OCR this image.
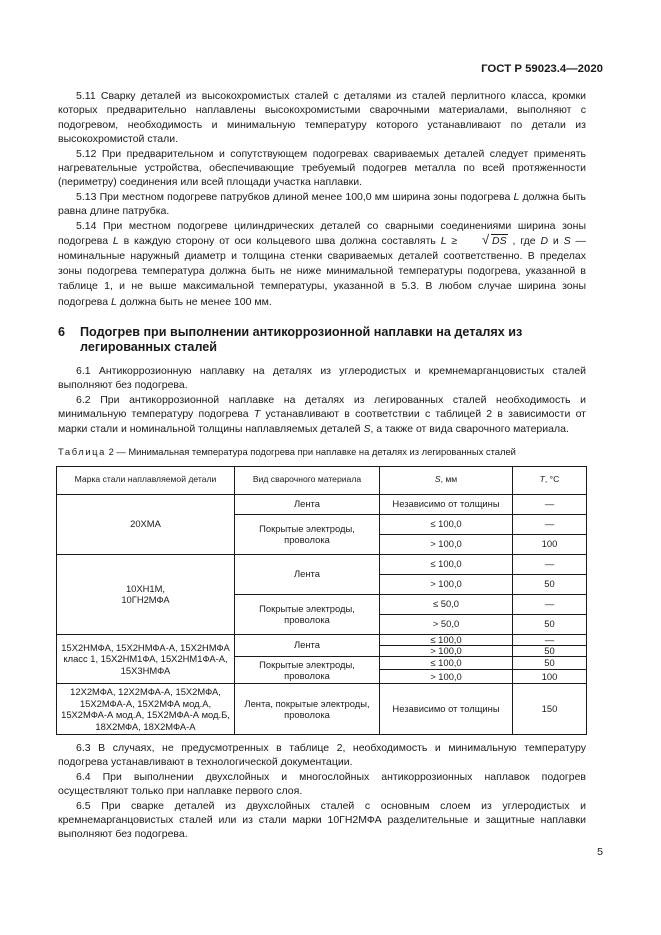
ГОСТ Р 59023.4—2020

5.11 Сварку деталей из высокохромистых сталей с деталями из сталей перлитного класса, кромки которых предварительно наплавлены высокохромистыми сварочными материалами, выполняют с подогревом, необходимость и минимальную температуру которого устанавливают по детали из высокохромистой стали.

5.12 При предварительном и сопутствующем подогревах свариваемых деталей следует применять нагревательные устройства, обеспечивающие требуемый подогрев металла по всей протяженности (периметру) соединения или всей площади участка наплавки.

5.13 При местном подогреве патрубков длиной менее 100,0 мм ширина зоны подогрева L должна быть равна длине патрубка.

5.14 При местном подогреве цилиндрических деталей со сварными соединениями ширина зоны подогрева L в каждую сторону от оси кольцевого шва должна составлять L ≥	√ DS , где D и S — номинальные наружный диаметр и толщина стенки свариваемых деталей соответственно. В пределах зоны подогрева температура должна быть не ниже минимальной температуры подогрева, указанной в таблице 1, и не выше максимальной температуры, указанной в 5.3. В любом случае ширина зоны подогрева L должна быть не менее 100 мм.

6 Подогрев при выполнении антикоррозионной наплавки на деталях из легированных сталей

6.1 Антикоррозионную наплавку на деталях из углеродистых и кремнемарганцовистых сталей выполняют без подогрева.

6.2 При антикоррозионной наплавке на деталях из легированных сталей необходимость и минимальную температуру подогрева T устанавливают в соответствии с таблицей 2 в зависимости от марки стали и номинальной толщины наплавляемых деталей S, а также от вида сварочного материала.

Таблица 2 — Минимальная температура подогрева при наплавке на деталях из легированных сталей
Марка стали наплавляемой детали	Вид сварочного материала	S, мм	T, °С
20ХМА	Лента	Независимо от толщины	—
	Покрытые электроды, проволока	≤ 100,0	—
		> 100,0	100
10ХН1М,
10ГН2МФА	Лента	≤ 100,0	—
		> 100,0	50
	Покрытые электроды, проволока	≤ 50,0	—
		> 50,0	50
15Х2НМФА, 15Х2НМФА-А, 15Х2НМФА класс 1, 15Х2НМ1ФА, 15Х2НМ1ФА-А, 15Х3НМФА	Лента	≤ 100,0	—
		> 100,0	50
	Покрытые электроды, проволока	≤ 100,0	50
		> 100,0	100
12Х2МФА, 12Х2МФА-А, 15Х2МФА, 15Х2МФА-А, 15Х2МФА мод.А, 15Х2МФА-А мод.А, 15Х2МФА-А мод.Б, 18Х2МФА, 18Х2МФА-А	Лента, покрытые электроды, проволока	Независимо от толщины	150

6.3 В случаях, не предусмотренных в таблице 2, необходимость и минимальную температуру подогрева устанавливают в технологической документации.

6.4 При выполнении двухслойных и многослойных антикоррозионных наплавок подогрев осуществляют только при наплавке первого слоя.

6.5 При сварке деталей из двухслойных сталей с основным слоем из углеродистых и кремнемарганцовистых сталей или из стали марки 10ГН2МФА разделительные и защитные наплавки выполняют без подогрева.

5
